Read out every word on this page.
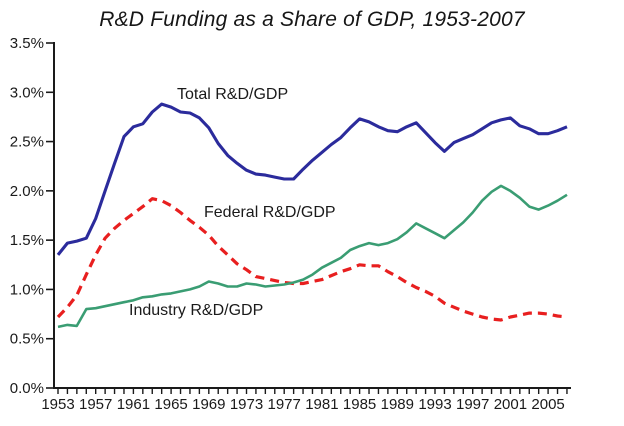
R&D Funding as a Share of GDP, 1953-2007
3.5%
3.0%
2.5%
2.0%
1.5%
1.0%
0.5%
0.0%
1953 1957 1961 1965 1969 1973 1977 1981 1985 1989 1993 1997 2001 2005
Total R&D/GDP
Federal R&D/GDP
Industry R&D/GDP
